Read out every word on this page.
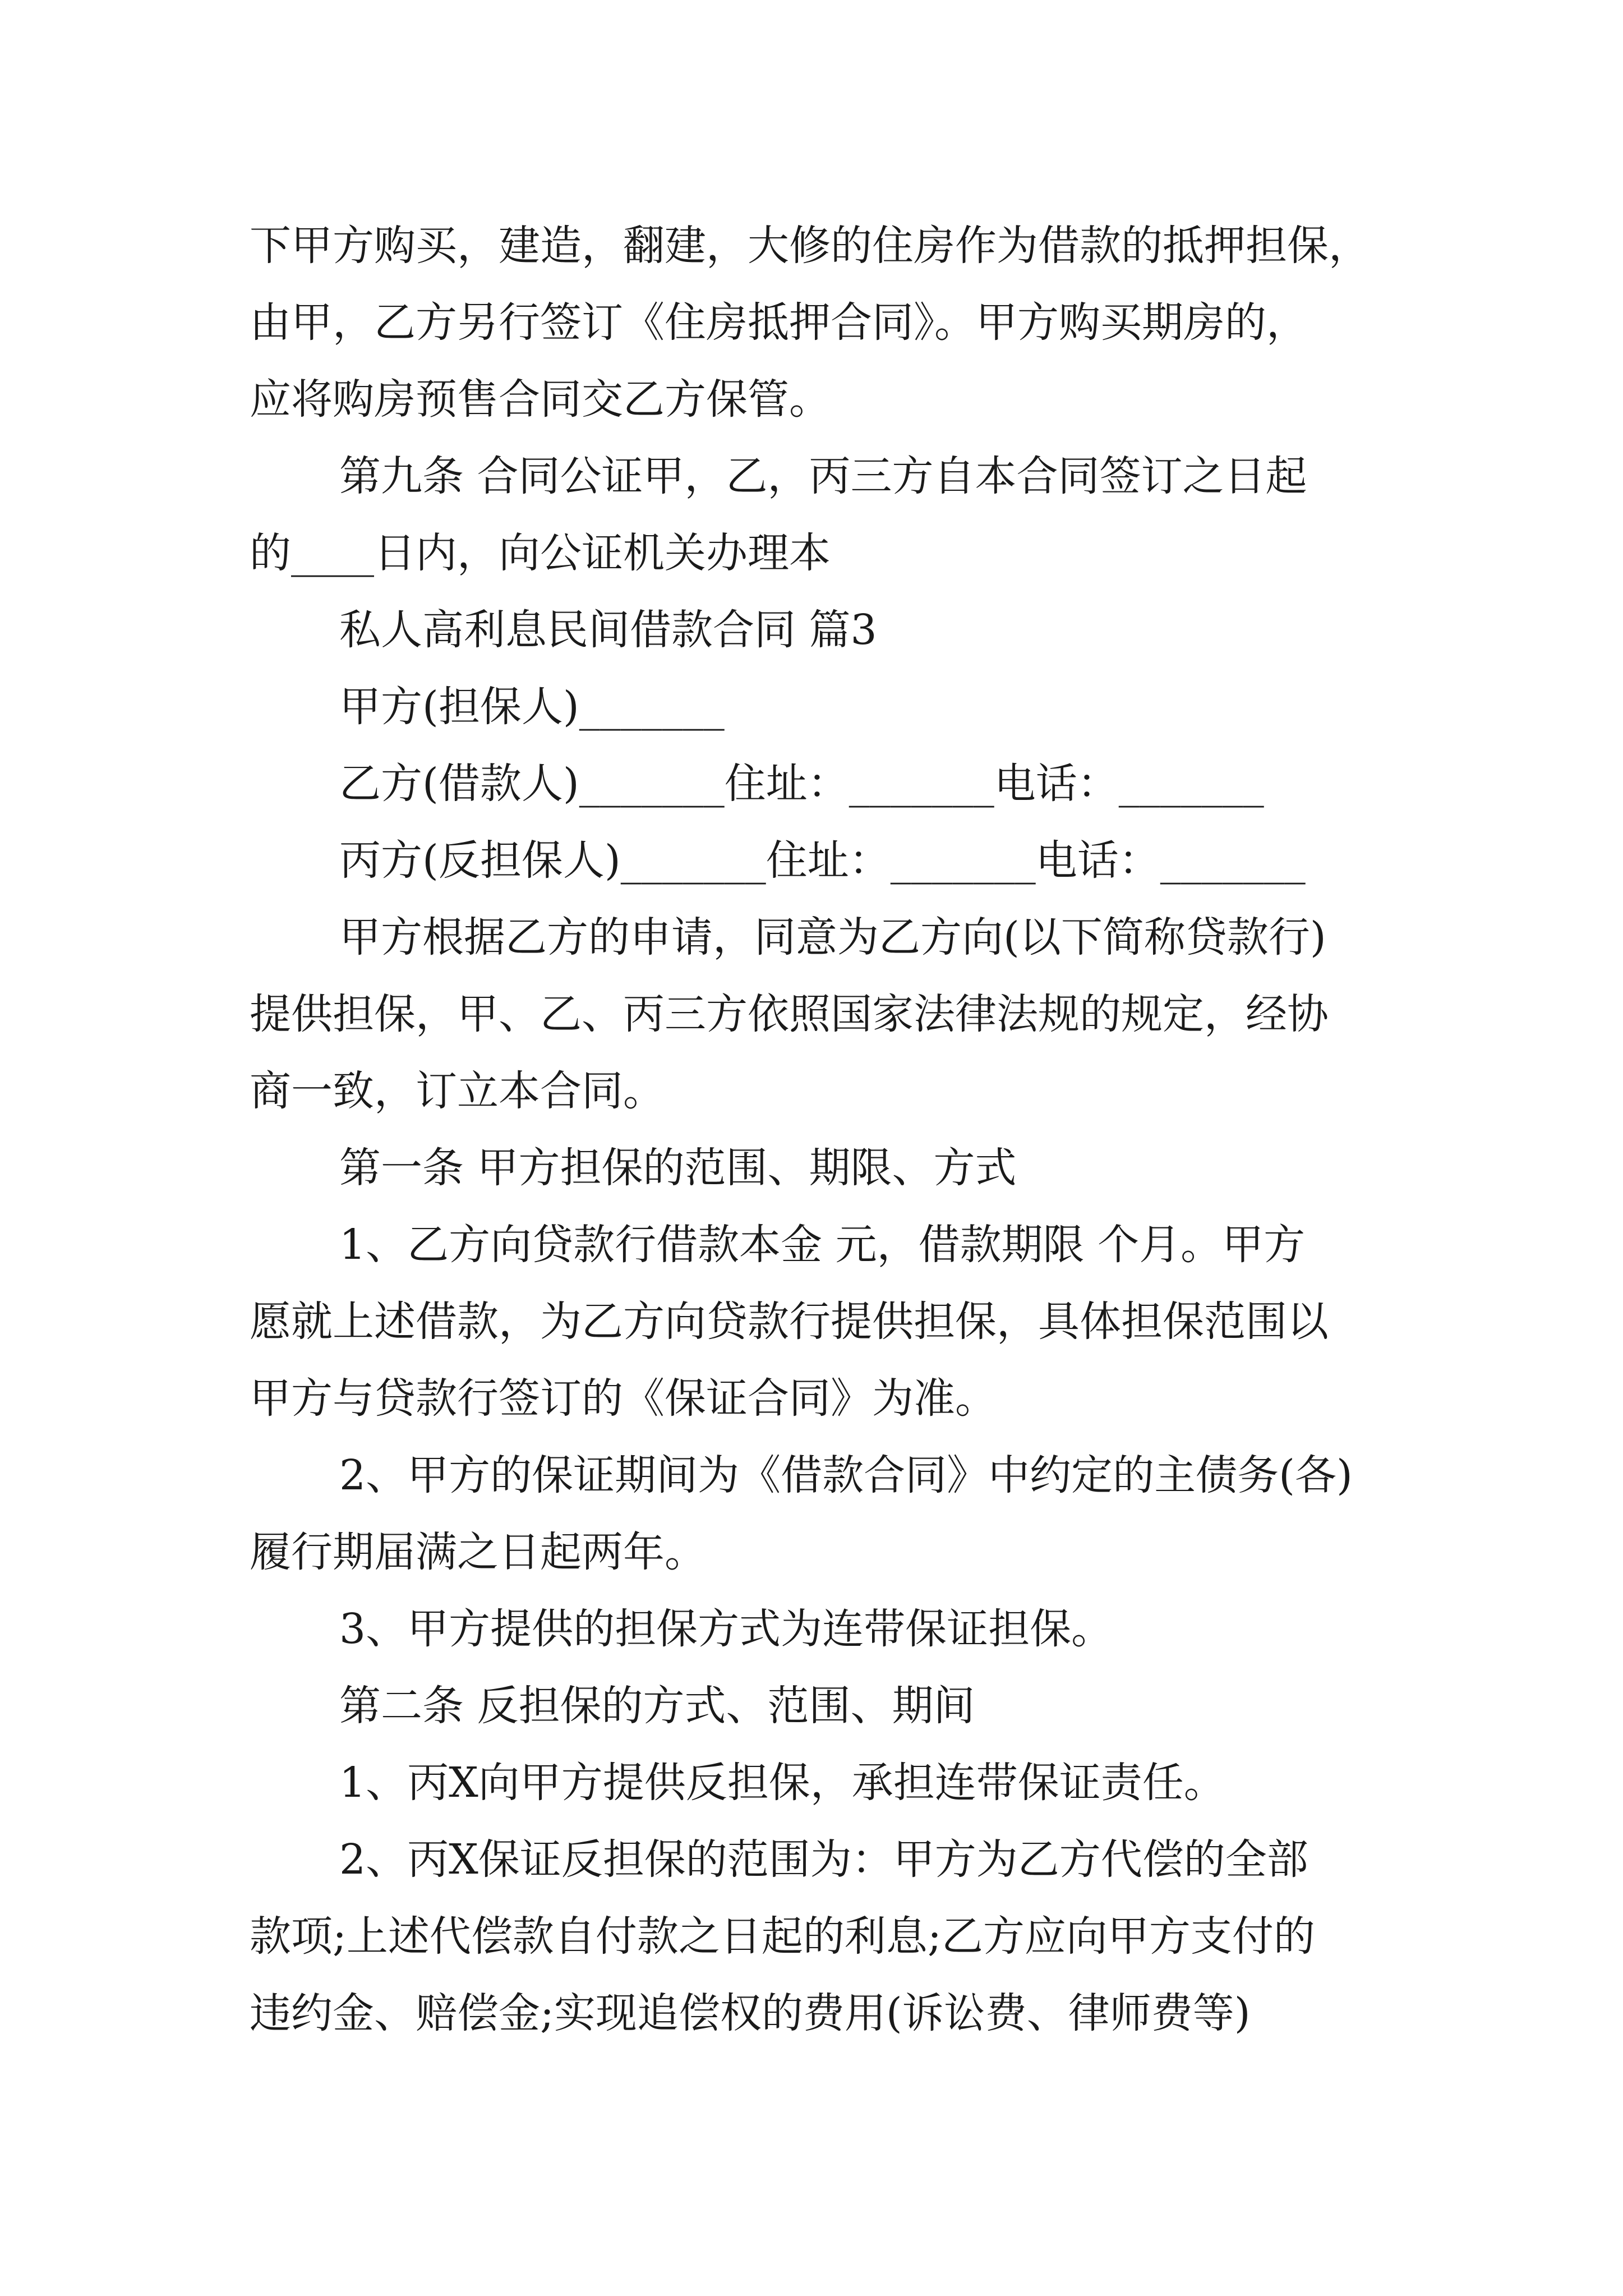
下甲方购买，建造，翻建，大修的住房作为借款的抵押担保，

由甲，乙方另行签订《住房抵押合同》。甲方购买期房的，

应将购房预售合同交乙方保管。

第九条 合同公证甲，乙，丙三方自本合同签订之日起

的____日内，向公证机关办理本

私人高利息民间借款合同 篇3

甲方(担保人)_______

乙方(借款人)_______住址：_______电话：_______

丙方(反担保人)_______住址：_______电话：_______

甲方根据乙方的申请，同意为乙方向(以下简称贷款行)

提供担保，甲、乙、丙三方依照国家法律法规的规定，经协

商一致，订立本合同。

第一条 甲方担保的范围、期限、方式

1、乙方向贷款行借款本金 元，借款期限 个月。甲方

愿就上述借款，为乙方向贷款行提供担保，具体担保范围以

甲方与贷款行签订的《保证合同》为准。

2、甲方的保证期间为《借款合同》中约定的主债务(各)

履行期届满之日起两年。

3、甲方提供的担保方式为连带保证担保。

第二条 反担保的方式、范围、期间

1、丙X向甲方提供反担保，承担连带保证责任。

2、丙X保证反担保的范围为：甲方为乙方代偿的全部

款项;上述代偿款自付款之日起的利息;乙方应向甲方支付的

违约金、赔偿金;实现追偿权的费用(诉讼费、律师费等)
